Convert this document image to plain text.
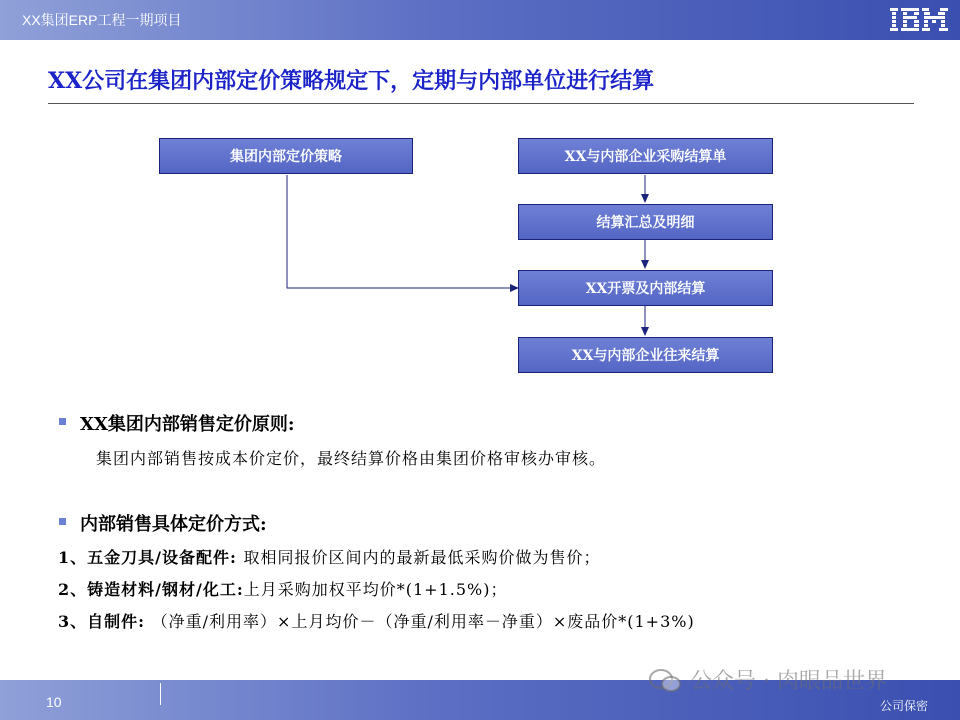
XX集团ERP工程一期项目
XX公司在集团内部定价策略规定下，定期与内部单位进行结算
集团内部定价策略	XX与内部企业采购结算单
结算汇总及明细
XX开票及内部结算
XX与内部企业往来结算
XX集团内部销售定价原则:
集团内部销售按成本价定价，最终结算价格由集团价格审核办审核。
内部销售具体定价方式:
1、五金刀具/设备配件: 取相同报价区间内的最新最低采购价做为售价；
2、铸造材料/钢材/化工:上月采购加权平均价*(1+1.5%)；
3、自制件: （净重/利用率）×上月均价－（净重/利用率－净重）×废品价*(1+3%)
10	公司保密
公众号 · 肉眼品世界
